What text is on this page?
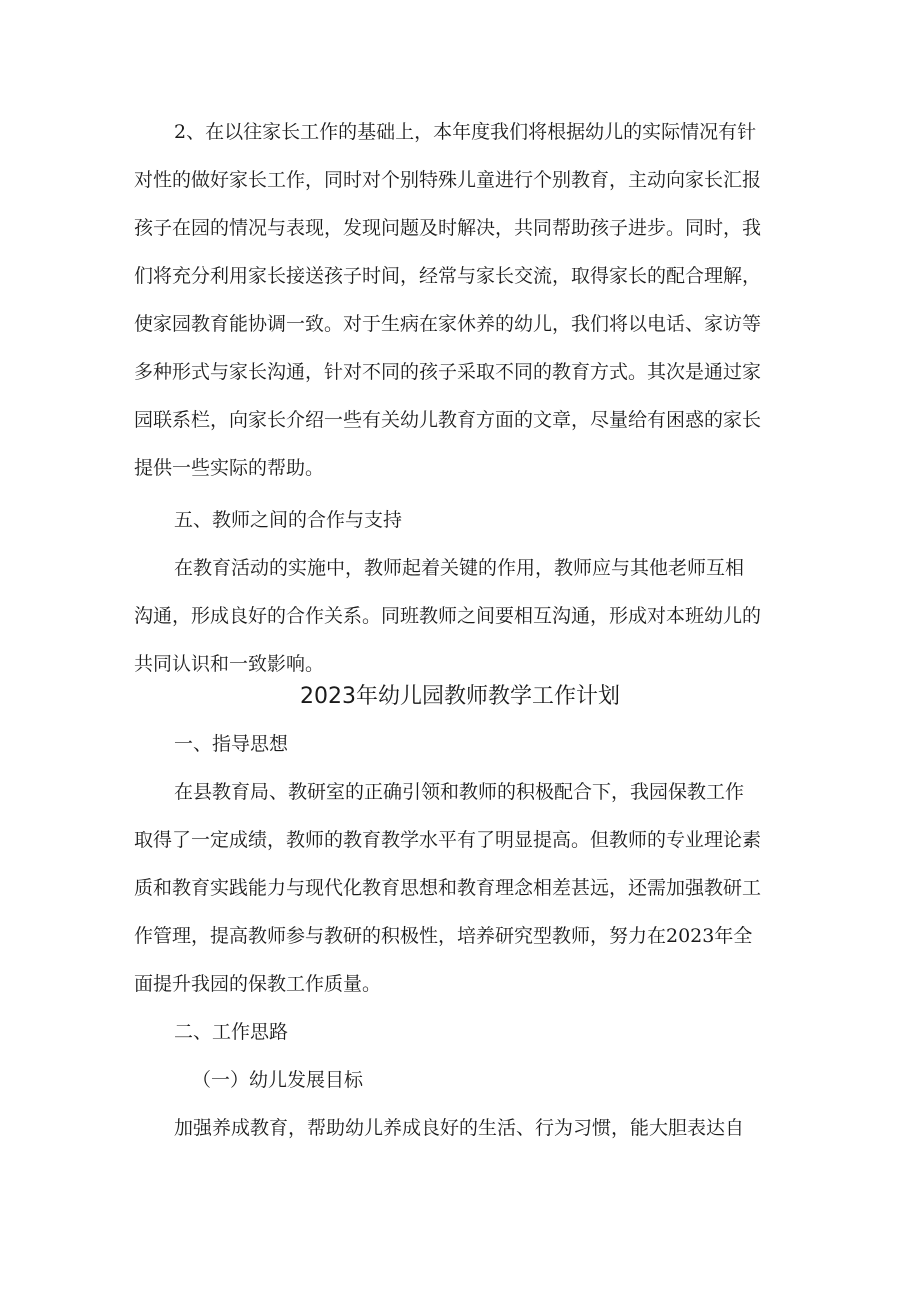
2、在以往家长工作的基础上，本年度我们将根据幼儿的实际情况有针
对性的做好家长工作，同时对个别特殊儿童进行个别教育，主动向家长汇报
孩子在园的情况与表现，发现问题及时解决，共同帮助孩子进步。同时，我
们将充分利用家长接送孩子时间，经常与家长交流，取得家长的配合理解，
使家园教育能协调一致。对于生病在家休养的幼儿，我们将以电话、家访等
多种形式与家长沟通，针对不同的孩子采取不同的教育方式。其次是通过家
园联系栏，向家长介绍一些有关幼儿教育方面的文章，尽量给有困惑的家长
提供一些实际的帮助。
五、教师之间的合作与支持
在教育活动的实施中，教师起着关键的作用，教师应与其他老师互相
沟通，形成良好的合作关系。同班教师之间要相互沟通，形成对本班幼儿的
共同认识和一致影响。
2023年幼儿园教师教学工作计划
一、指导思想
在县教育局、教研室的正确引领和教师的积极配合下，我园保教工作
取得了一定成绩，教师的教育教学水平有了明显提高。但教师的专业理论素
质和教育实践能力与现代化教育思想和教育理念相差甚远，还需加强教研工
作管理，提高教师参与教研的积极性，培养研究型教师，努力在2023年全
面提升我园的保教工作质量。
二、工作思路
（一）幼儿发展目标
加强养成教育，帮助幼儿养成良好的生活、行为习惯，能大胆表达自
